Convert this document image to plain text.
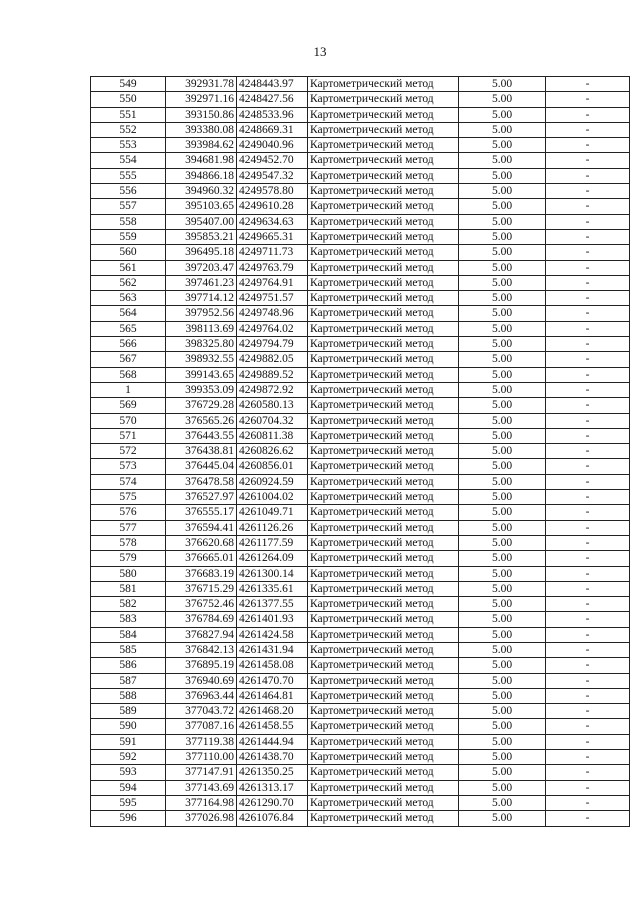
13
549	392931.78	4248443.97	Картометрический метод	5.00	-
550	392971.16	4248427.56	Картометрический метод	5.00	-
551	393150.86	4248533.96	Картометрический метод	5.00	-
552	393380.08	4248669.31	Картометрический метод	5.00	-
553	393984.62	4249040.96	Картометрический метод	5.00	-
554	394681.98	4249452.70	Картометрический метод	5.00	-
555	394866.18	4249547.32	Картометрический метод	5.00	-
556	394960.32	4249578.80	Картометрический метод	5.00	-
557	395103.65	4249610.28	Картометрический метод	5.00	-
558	395407.00	4249634.63	Картометрический метод	5.00	-
559	395853.21	4249665.31	Картометрический метод	5.00	-
560	396495.18	4249711.73	Картометрический метод	5.00	-
561	397203.47	4249763.79	Картометрический метод	5.00	-
562	397461.23	4249764.91	Картометрический метод	5.00	-
563	397714.12	4249751.57	Картометрический метод	5.00	-
564	397952.56	4249748.96	Картометрический метод	5.00	-
565	398113.69	4249764.02	Картометрический метод	5.00	-
566	398325.80	4249794.79	Картометрический метод	5.00	-
567	398932.55	4249882.05	Картометрический метод	5.00	-
568	399143.65	4249889.52	Картометрический метод	5.00	-
1	399353.09	4249872.92	Картометрический метод	5.00	-
569	376729.28	4260580.13	Картометрический метод	5.00	-
570	376565.26	4260704.32	Картометрический метод	5.00	-
571	376443.55	4260811.38	Картометрический метод	5.00	-
572	376438.81	4260826.62	Картометрический метод	5.00	-
573	376445.04	4260856.01	Картометрический метод	5.00	-
574	376478.58	4260924.59	Картометрический метод	5.00	-
575	376527.97	4261004.02	Картометрический метод	5.00	-
576	376555.17	4261049.71	Картометрический метод	5.00	-
577	376594.41	4261126.26	Картометрический метод	5.00	-
578	376620.68	4261177.59	Картометрический метод	5.00	-
579	376665.01	4261264.09	Картометрический метод	5.00	-
580	376683.19	4261300.14	Картометрический метод	5.00	-
581	376715.29	4261335.61	Картометрический метод	5.00	-
582	376752.46	4261377.55	Картометрический метод	5.00	-
583	376784.69	4261401.93	Картометрический метод	5.00	-
584	376827.94	4261424.58	Картометрический метод	5.00	-
585	376842.13	4261431.94	Картометрический метод	5.00	-
586	376895.19	4261458.08	Картометрический метод	5.00	-
587	376940.69	4261470.70	Картометрический метод	5.00	-
588	376963.44	4261464.81	Картометрический метод	5.00	-
589	377043.72	4261468.20	Картометрический метод	5.00	-
590	377087.16	4261458.55	Картометрический метод	5.00	-
591	377119.38	4261444.94	Картометрический метод	5.00	-
592	377110.00	4261438.70	Картометрический метод	5.00	-
593	377147.91	4261350.25	Картометрический метод	5.00	-
594	377143.69	4261313.17	Картометрический метод	5.00	-
595	377164.98	4261290.70	Картометрический метод	5.00	-
596	377026.98	4261076.84	Картометрический метод	5.00	-
